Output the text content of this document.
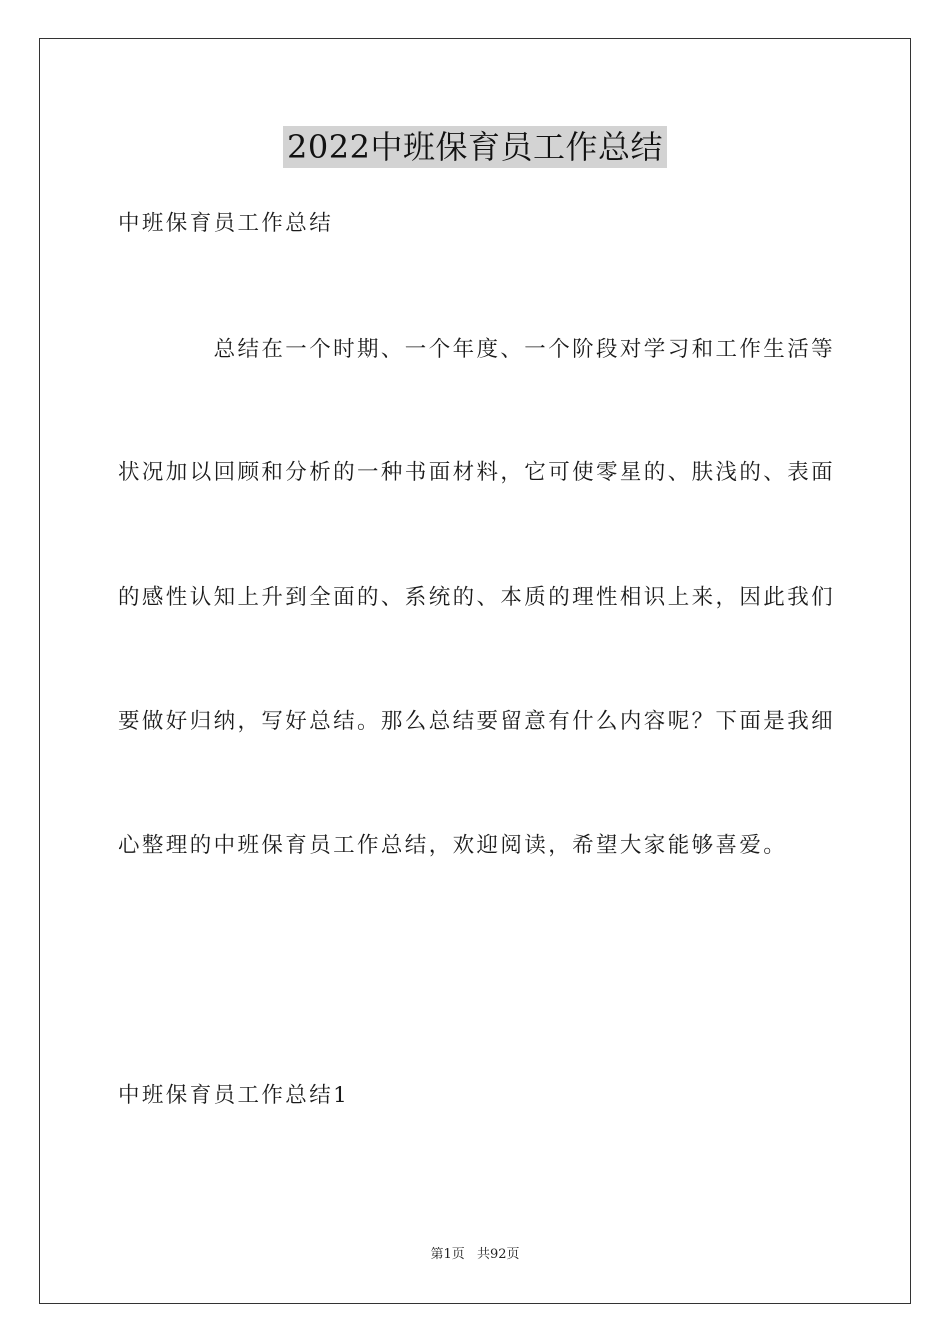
2022中班保育员工作总结
中班保育员工作总结
　　　　总结在一个时期、一个年度、一个阶段对学习和工作生活等
状况加以回顾和分析的一种书面材料，它可使零星的、肤浅的、表面
的感性认知上升到全面的、系统的、本质的理性相识上来，因此我们
要做好归纳，写好总结。那么总结要留意有什么内容呢？下面是我细
心整理的中班保育员工作总结，欢迎阅读，希望大家能够喜爱。
中班保育员工作总结1
第1页 共92页
